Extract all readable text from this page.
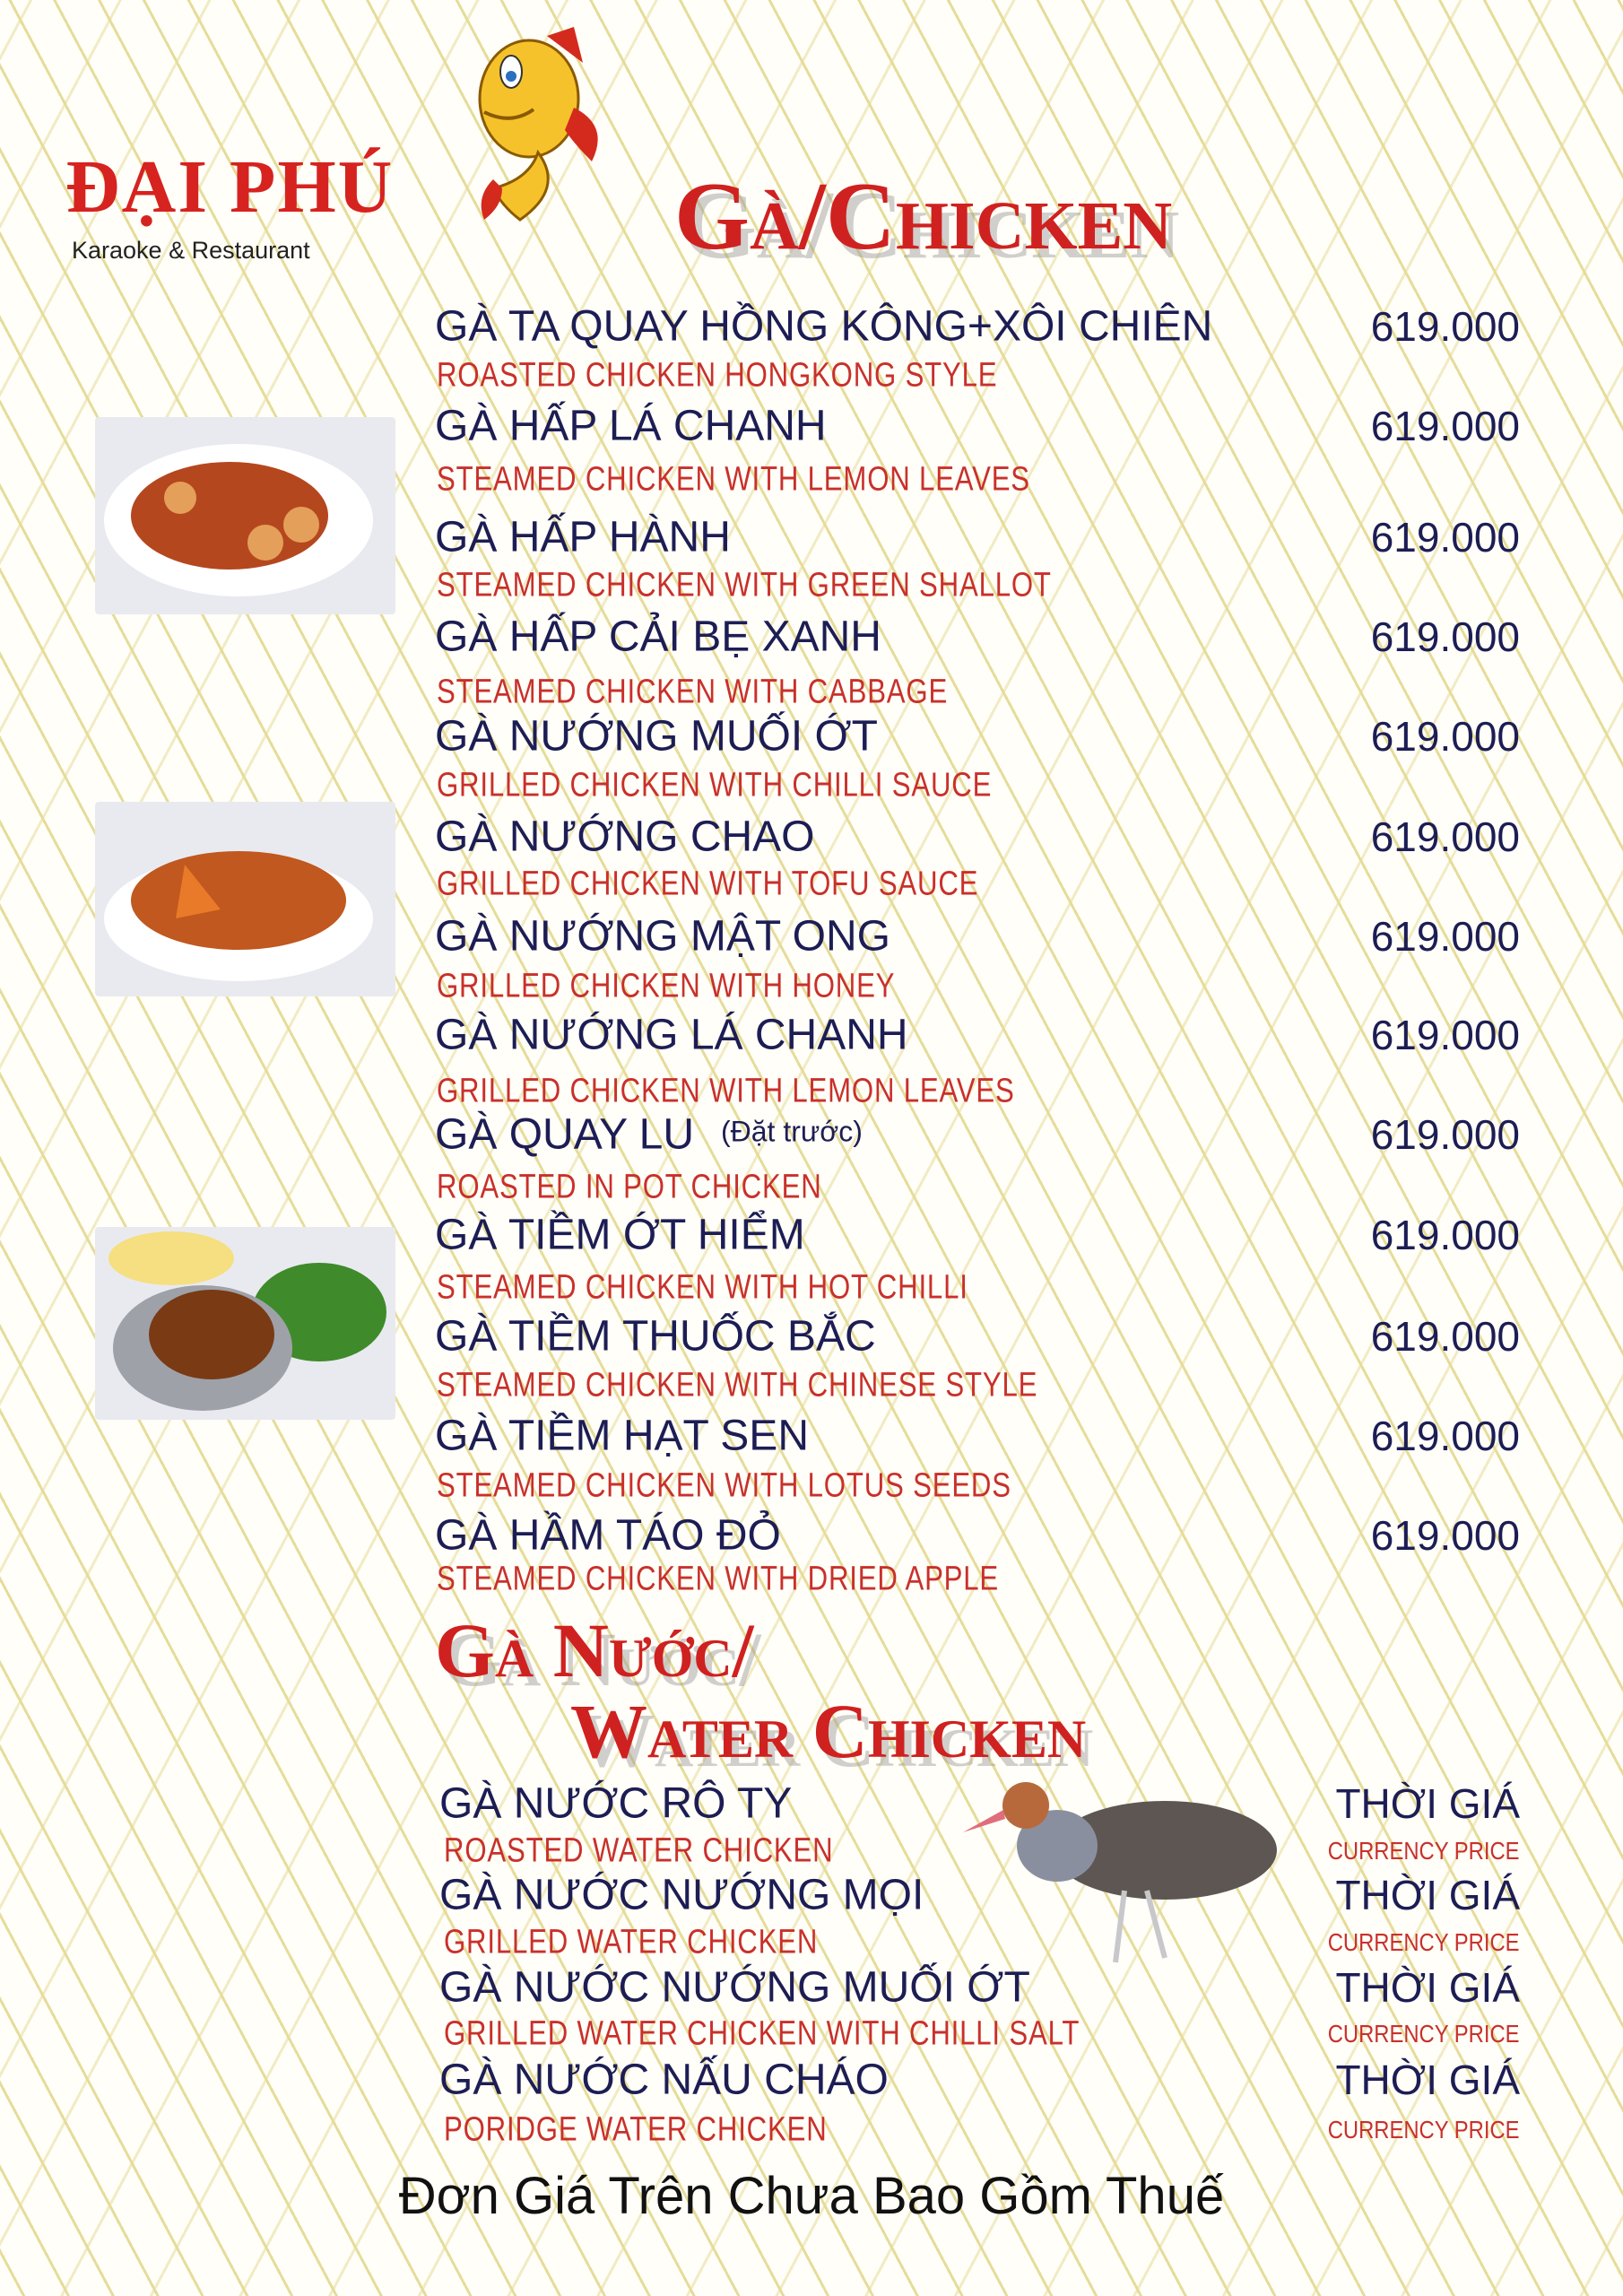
ĐẠI PHÚ
Karaoke & Restaurant	Gà/Chicken
GÀ TA QUAY HỒNG KÔNG+XÔI CHIÊN
ROASTED CHICKEN HONGKONG STYLE
619.000
GÀ HẤP LÁ CHANH
STEAMED CHICKEN WITH LEMON LEAVES
619.000
GÀ HẤP HÀNH
STEAMED CHICKEN WITH GREEN SHALLOT
619.000
GÀ HẤP CẢI BẸ XANH
STEAMED CHICKEN WITH CABBAGE
619.000
GÀ NƯỚNG MUỐI ỚT
GRILLED CHICKEN WITH CHILLI SAUCE
619.000
GÀ NƯỚNG CHAO
GRILLED CHICKEN WITH TOFU SAUCE
619.000
GÀ NƯỚNG MẬT ONG
GRILLED CHICKEN WITH HONEY
619.000
GÀ NƯỚNG LÁ CHANH
GRILLED CHICKEN WITH LEMON LEAVES
619.000
GÀ QUAY LU (Đặt trước)
ROASTED IN POT CHICKEN
619.000
GÀ TIỀM ỚT HIỂM
STEAMED CHICKEN WITH HOT CHILLI
619.000
GÀ TIỀM THUỐC BẮC
STEAMED CHICKEN WITH CHINESE STYLE
619.000
GÀ TIỀM HẠT SEN
STEAMED CHICKEN WITH LOTUS SEEDS
619.000
GÀ HẦM TÁO ĐỎ
STEAMED CHICKEN WITH DRIED APPLE
619.000
Gà Nước/
Water Chicken
GÀ NƯỚC RÔ TY
ROASTED WATER CHICKEN
THỜI GIÁ
CURRENCY PRICE
GÀ NƯỚC NƯỚNG MỌI
GRILLED WATER CHICKEN
THỜI GIÁ
CURRENCY PRICE
GÀ NƯỚC NƯỚNG MUỐI ỚT
GRILLED WATER CHICKEN WITH CHILLI SALT
THỜI GIÁ
CURRENCY PRICE
GÀ NƯỚC NẤU CHÁO
PORIDGE WATER CHICKEN
THỜI GIÁ
CURRENCY PRICE
Đơn Giá Trên Chưa Bao Gồm Thuế
